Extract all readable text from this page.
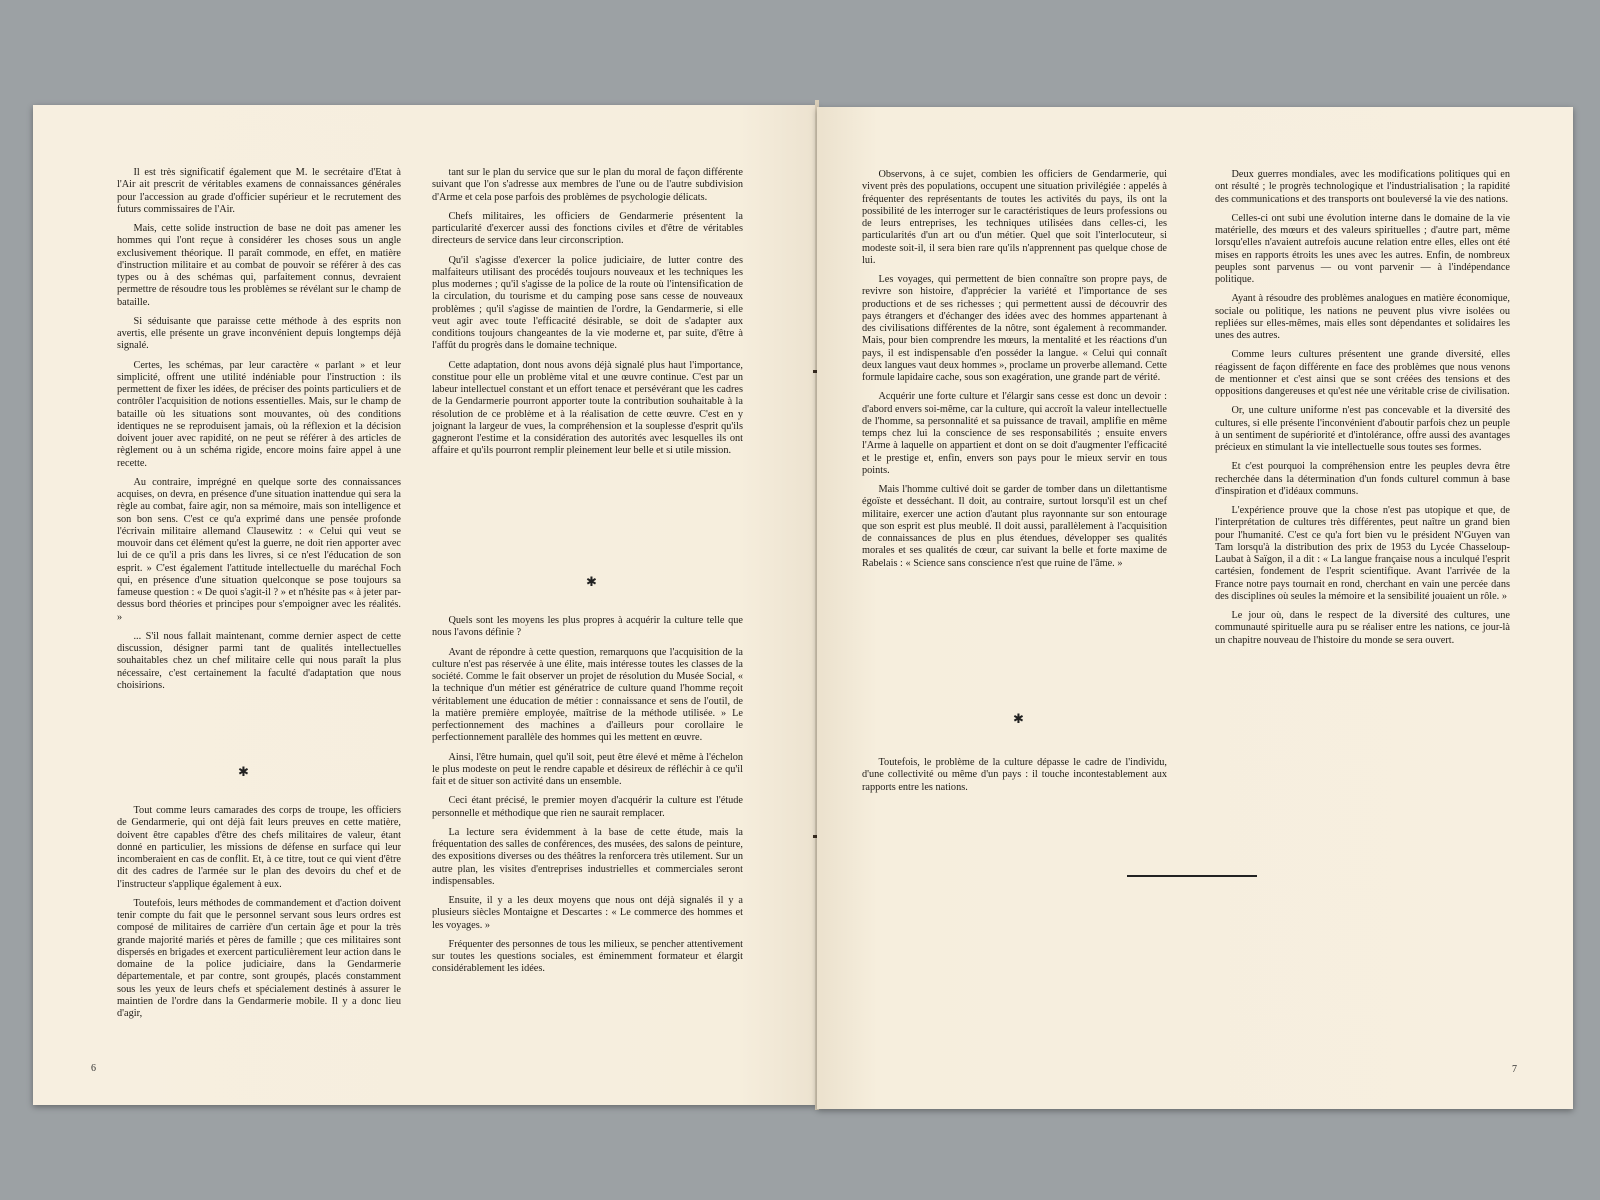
Il est très significatif également que M. le secrétaire d'Etat à l'Air ait prescrit de véritables examens de connaissances générales pour l'accession au grade d'officier supérieur et le recrutement des futurs commissaires de l'Air.

Mais, cette solide instruction de base ne doit pas amener les hommes qui l'ont reçue à considérer les choses sous un angle exclusivement théorique. Il paraît commode, en effet, en matière d'instruction militaire et au combat de pouvoir se référer à des cas types ou à des schémas qui, parfaitement connus, devraient permettre de résoudre tous les problèmes se révélant sur le champ de bataille.

Si séduisante que paraisse cette méthode à des esprits non avertis, elle présente un grave inconvénient depuis longtemps déjà signalé.

Certes, les schémas, par leur caractère « parlant » et leur simplicité, offrent une utilité indéniable pour l'instruction : ils permettent de fixer les idées, de préciser des points particuliers et de contrôler l'acquisition de notions essentielles. Mais, sur le champ de bataille où les situations sont mouvantes, où des conditions identiques ne se reproduisent jamais, où la réflexion et la décision doivent jouer avec rapidité, on ne peut se référer à des articles de règlement ou à un schéma rigide, encore moins faire appel à une recette.

Au contraire, imprégné en quelque sorte des connaissances acquises, on devra, en présence d'une situation inattendue qui sera la règle au combat, faire agir, non sa mémoire, mais son intelligence et son bon sens. C'est ce qu'a exprimé dans une pensée profonde l'écrivain militaire allemand Clausewitz : « Celui qui veut se mouvoir dans cet élément qu'est la guerre, ne doit rien apporter avec lui de ce qu'il a pris dans les livres, si ce n'est l'éducation de son esprit. » C'est également l'attitude intellectuelle du maréchal Foch qui, en présence d'une situation quelconque se pose toujours sa fameuse question : « De quoi s'agit-il ? » et n'hésite pas « à jeter par-dessus bord théories et principes pour s'empoigner avec les réalités. »

... S'il nous fallait maintenant, comme dernier aspect de cette discussion, désigner parmi tant de qualités intellectuelles souhaitables chez un chef militaire celle qui nous paraît la plus nécessaire, c'est certainement la faculté d'adaptation que nous choisirions.

✱

Tout comme leurs camarades des corps de troupe, les officiers de Gendarmerie, qui ont déjà fait leurs preuves en cette matière, doivent être capables d'être des chefs militaires de valeur, étant donné en particulier, les missions de défense en surface qui leur incomberaient en cas de conflit. Et, à ce titre, tout ce qui vient d'être dit des cadres de l'armée sur le plan des devoirs du chef et de l'instructeur s'applique également à eux.

Toutefois, leurs méthodes de commandement et d'action doivent tenir compte du fait que le personnel servant sous leurs ordres est composé de militaires de carrière d'un certain âge et pour la très grande majorité mariés et pères de famille ; que ces militaires sont dispersés en brigades et exercent particulièrement leur action dans le domaine de la police judiciaire, dans la Gendarmerie départementale, et par contre, sont groupés, placés constamment sous les yeux de leurs chefs et spécialement destinés à assurer le maintien de l'ordre dans la Gendarmerie mobile. Il y a donc lieu d'agir,

tant sur le plan du service que sur le plan du moral de façon différente suivant que l'on s'adresse aux membres de l'une ou de l'autre subdivision d'Arme et cela pose parfois des problèmes de psychologie délicats.

Chefs militaires, les officiers de Gendarmerie présentent la particularité d'exercer aussi des fonctions civiles et d'être de véritables directeurs de service dans leur circonscription.

Qu'il s'agisse d'exercer la police judiciaire, de lutter contre des malfaiteurs utilisant des procédés toujours nouveaux et les techniques les plus modernes ; qu'il s'agisse de la police de la route où l'intensification de la circulation, du tourisme et du camping pose sans cesse de nouveaux problèmes ; qu'il s'agisse de maintien de l'ordre, la Gendarmerie, si elle veut agir avec toute l'efficacité désirable, se doit de s'adapter aux conditions toujours changeantes de la vie moderne et, par suite, d'être à l'affût du progrès dans le domaine technique.

Cette adaptation, dont nous avons déjà signalé plus haut l'importance, constitue pour elle un problème vital et une œuvre continue. C'est par un labeur intellectuel constant et un effort tenace et persévérant que les cadres de la Gendarmerie pourront apporter toute la contribution souhaitable à la résolution de ce problème et à la réalisation de cette œuvre. C'est en y joignant la largeur de vues, la compréhension et la souplesse d'esprit qu'ils gagneront l'estime et la considération des autorités avec lesquelles ils ont affaire et qu'ils pourront remplir pleinement leur belle et si utile mission.

✱

Quels sont les moyens les plus propres à acquérir la culture telle que nous l'avons définie ?

Avant de répondre à cette question, remarquons que l'acquisition de la culture n'est pas réservée à une élite, mais intéresse toutes les classes de la société. Comme le fait observer un projet de résolution du Musée Social, « la technique d'un métier est génératrice de culture quand l'homme reçoit véritablement une éducation de métier : connaissance et sens de l'outil, de la matière première employée, maîtrise de la méthode utilisée. » Le perfectionnement des machines a d'ailleurs pour corollaire le perfectionnement parallèle des hommes qui les mettent en œuvre.

Ainsi, l'être humain, quel qu'il soit, peut être élevé et même à l'échelon le plus modeste on peut le rendre capable et désireux de réfléchir à ce qu'il fait et de situer son activité dans un ensemble.

Ceci étant précisé, le premier moyen d'acquérir la culture est l'étude personnelle et méthodique que rien ne saurait remplacer.

La lecture sera évidemment à la base de cette étude, mais la fréquentation des salles de conférences, des musées, des salons de peinture, des expositions diverses ou des théâtres la renforcera très utilement. Sur un autre plan, les visites d'entreprises industrielles et commerciales seront indispensables.

Ensuite, il y a les deux moyens que nous ont déjà signalés il y a plusieurs siècles Montaigne et Descartes : « Le commerce des hommes et les voyages. »

Fréquenter des personnes de tous les milieux, se pencher attentivement sur toutes les questions sociales, est éminemment formateur et élargit considérablement les idées.

6

Observons, à ce sujet, combien les officiers de Gendarmerie, qui vivent près des populations, occupent une situation privilégiée : appelés à fréquenter des représentants de toutes les activités du pays, ils ont la possibilité de les interroger sur le caractéristiques de leurs professions ou de leurs entreprises, les techniques utilisées dans celles-ci, les particularités d'un art ou d'un métier. Quel que soit l'interlocuteur, si modeste soit-il, il sera bien rare qu'ils n'apprennent pas quelque chose de lui.

Les voyages, qui permettent de bien connaître son propre pays, de revivre son histoire, d'apprécier la variété et l'importance de ses productions et de ses richesses ; qui permettent aussi de découvrir des pays étrangers et d'échanger des idées avec des hommes appartenant à des civilisations différentes de la nôtre, sont également à recommander. Mais, pour bien comprendre les mœurs, la mentalité et les réactions d'un pays, il est indispensable d'en posséder la langue. « Celui qui connaît deux langues vaut deux hommes », proclame un proverbe allemand. Cette formule lapidaire cache, sous son exagération, une grande part de vérité.

Acquérir une forte culture et l'élargir sans cesse est donc un devoir : d'abord envers soi-même, car la culture, qui accroît la valeur intellectuelle de l'homme, sa personnalité et sa puissance de travail, amplifie en même temps chez lui la conscience de ses responsabilités ; ensuite envers l'Arme à laquelle on appartient et dont on se doit d'augmenter l'efficacité et le prestige et, enfin, envers son pays pour le mieux servir en tous points.

Mais l'homme cultivé doit se garder de tomber dans un dilettantisme égoïste et desséchant. Il doit, au contraire, surtout lorsqu'il est un chef militaire, exercer une action d'autant plus rayonnante sur son entourage que son esprit est plus meublé. Il doit aussi, parallèlement à l'acquisition de connaissances de plus en plus étendues, développer ses qualités morales et ses qualités de cœur, car suivant la belle et forte maxime de Rabelais : « Science sans conscience n'est que ruine de l'âme. »

✱

Toutefois, le problème de la culture dépasse le cadre de l'individu, d'une collectivité ou même d'un pays : il touche incontestablement aux rapports entre les nations.

Deux guerres mondiales, avec les modifications politiques qui en ont résulté ; le progrès technologique et l'industrialisation ; la rapidité des communications et des transports ont bouleversé la vie des nations.

Celles-ci ont subi une évolution interne dans le domaine de la vie matérielle, des mœurs et des valeurs spirituelles ; d'autre part, même lorsqu'elles n'avaient autrefois aucune relation entre elles, elles ont été mises en rapports étroits les unes avec les autres. Enfin, de nombreux peuples sont parvenus — ou vont parvenir — à l'indépendance politique.

Ayant à résoudre des problèmes analogues en matière économique, sociale ou politique, les nations ne peuvent plus vivre isolées ou repliées sur elles-mêmes, mais elles sont dépendantes et solidaires les unes des autres.

Comme leurs cultures présentent une grande diversité, elles réagissent de façon différente en face des problèmes que nous venons de mentionner et c'est ainsi que se sont créées des tensions et des oppositions dangereuses et qu'est née une véritable crise de civilisation.

Or, une culture uniforme n'est pas concevable et la diversité des cultures, si elle présente l'inconvénient d'aboutir parfois chez un peuple à un sentiment de supériorité et d'intolérance, offre aussi des avantages précieux en stimulant la vie intellectuelle sous toutes ses formes.

Et c'est pourquoi la compréhension entre les peuples devra être recherchée dans la détermination d'un fonds culturel commun à base d'inspiration et d'idéaux communs.

L'expérience prouve que la chose n'est pas utopique et que, de l'interprétation de cultures très différentes, peut naître un grand bien pour l'humanité. C'est ce qu'a fort bien vu le président N'Guyen van Tam lorsqu'à la distribution des prix de 1953 du Lycée Chasseloup-Laubat à Saïgon, il a dit : « La langue française nous a inculqué l'esprit cartésien, fondement de l'esprit scientifique. Avant l'arrivée de la France notre pays tournait en rond, cherchant en vain une percée dans des disciplines où seules la mémoire et la sensibilité jouaient un rôle. »

Le jour où, dans le respect de la diversité des cultures, une communauté spirituelle aura pu se réaliser entre les nations, ce jour-là un chapitre nouveau de l'histoire du monde se sera ouvert.

7
